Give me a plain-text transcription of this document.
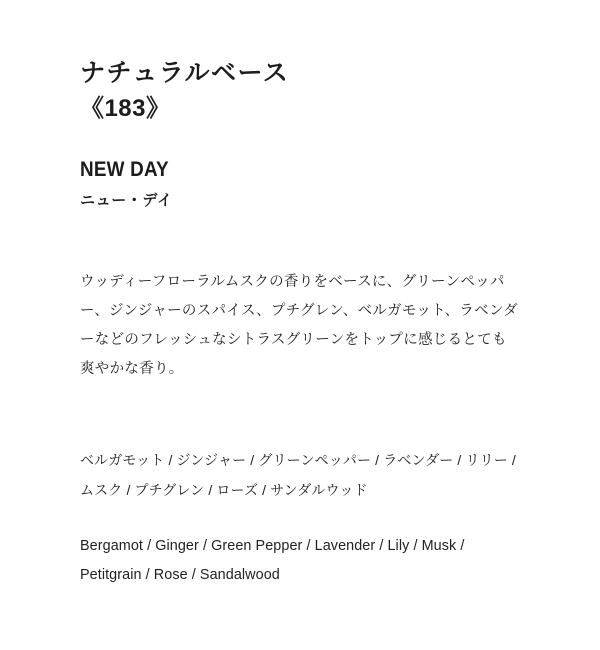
ナチュラルベース
《183》
NEW DAY
ニュー・デイ

ウッディーフローラルムスクの香りをベースに、グリーンペッパー、ジンジャーのスパイス、プチグレン、ベルガモット、ラベンダーなどのフレッシュなシトラスグリーンをトップに感じるとても爽やかな香り。

ベルガモット / ジンジャー / グリーンペッパー / ラベンダー / リリー / ムスク / プチグレン / ローズ / サンダルウッド

Bergamot / Ginger / Green Pepper / Lavender / Lily / Musk / Petitgrain / Rose / Sandalwood
